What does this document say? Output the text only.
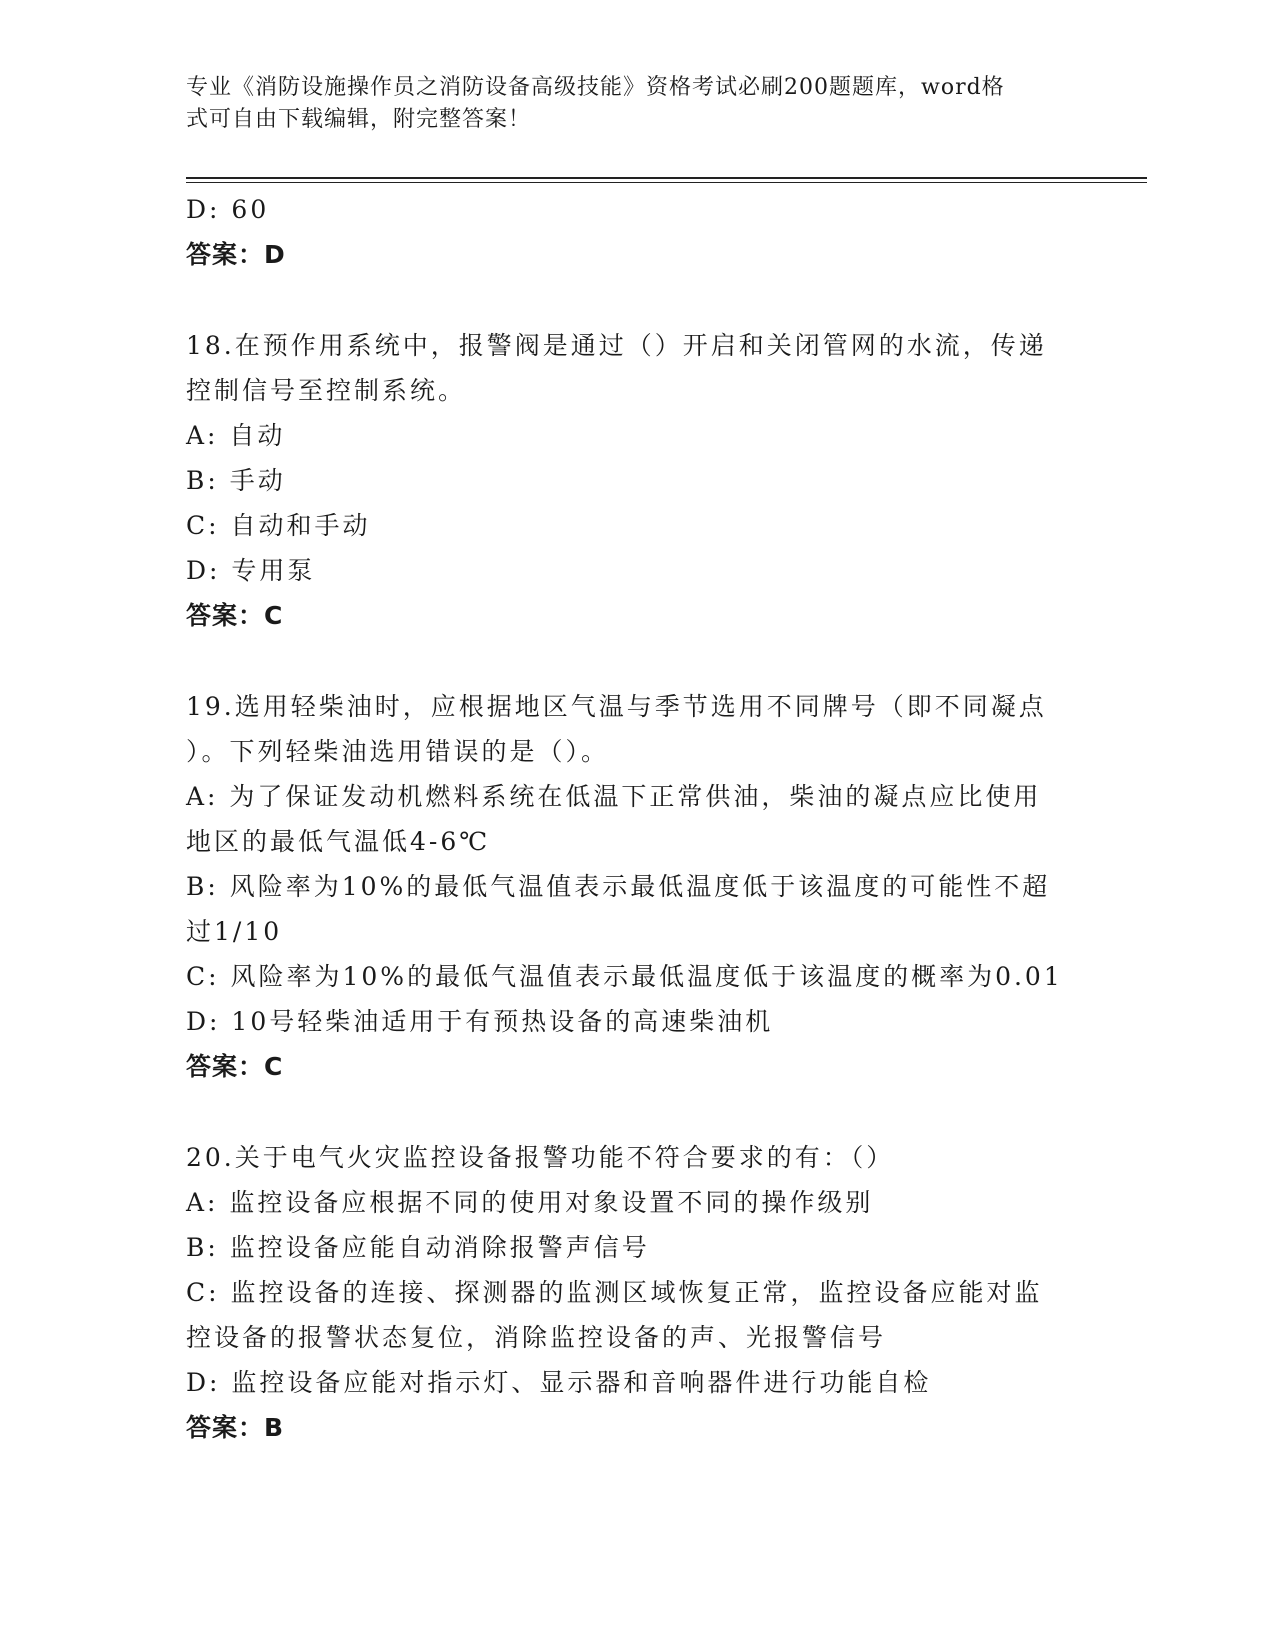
专业《消防设施操作员之消防设备高级技能》资格考试必刷200题题库，word格
式可自由下载编辑，附完整答案！
D: 60
答案：D
18.在预作用系统中，报警阀是通过（）开启和关闭管网的水流，传递
控制信号至控制系统。
A: 自动
B: 手动
C: 自动和手动
D: 专用泵
答案：C
19.选用轻柴油时，应根据地区气温与季节选用不同牌号（即不同凝点
）。下列轻柴油选用错误的是（）。
A: 为了保证发动机燃料系统在低温下正常供油，柴油的凝点应比使用
地区的最低气温低4-6℃
B: 风险率为10%的最低气温值表示最低温度低于该温度的可能性不超
过1/10
C: 风险率为10%的最低气温值表示最低温度低于该温度的概率为0.01
D: 10号轻柴油适用于有预热设备的高速柴油机
答案：C
20.关于电气火灾监控设备报警功能不符合要求的有：（）
A: 监控设备应根据不同的使用对象设置不同的操作级别
B: 监控设备应能自动消除报警声信号
C: 监控设备的连接、探测器的监测区域恢复正常，监控设备应能对监
控设备的报警状态复位，消除监控设备的声、光报警信号
D: 监控设备应能对指示灯、显示器和音响器件进行功能自检
答案：B
